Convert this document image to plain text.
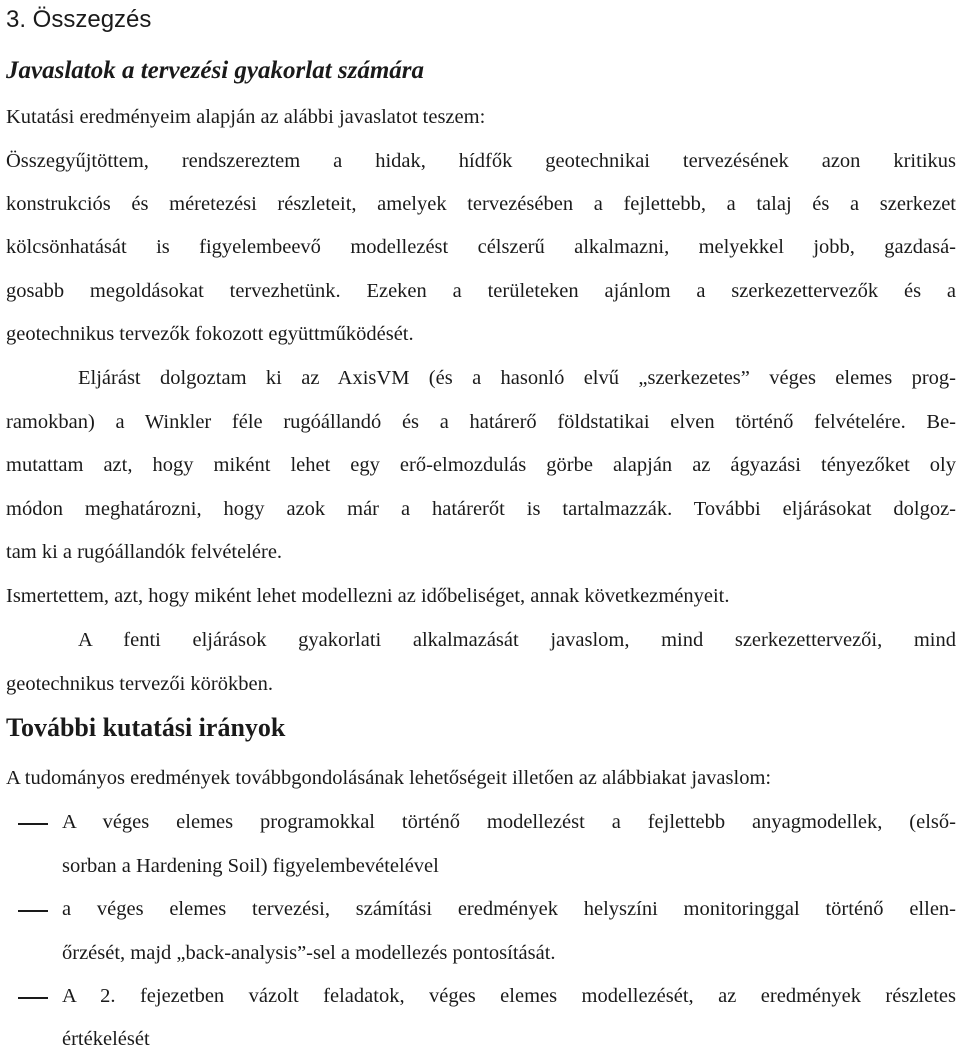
3. Összegzés
Javaslatok a tervezési gyakorlat számára
Kutatási eredményeim alapján az alábbi javaslatot teszem:
Összegyűjtöttem, rendszereztem a hidak, hídfők geotechnikai tervezésének azon kritikus
konstrukciós és méretezési részleteit, amelyek tervezésében a fejlettebb, a talaj és a szerkezet
kölcsönhatását is figyelembeevő modellezést célszerű alkalmazni, melyekkel jobb, gazdasá-
gosabb megoldásokat tervezhetünk. Ezeken a területeken ajánlom a szerkezettervezők és a
geotechnikus tervezők fokozott együttműködését.
Eljárást dolgoztam ki az AxisVM (és a hasonló elvű „szerkezetes” véges elemes prog-
ramokban) a Winkler féle rugóállandó és a határerő földstatikai elven történő felvételére. Be-
mutattam azt, hogy miként lehet egy erő-elmozdulás görbe alapján az ágyazási tényezőket oly
módon meghatározni, hogy azok már a határerőt is tartalmazzák. További eljárásokat dolgoz-
tam ki a rugóállandók felvételére.
Ismertettem, azt, hogy miként lehet modellezni az időbeliséget, annak következményeit.
A fenti eljárások gyakorlati alkalmazását javaslom, mind szerkezettervezői, mind
geotechnikus tervezői körökben.
További kutatási irányok
A tudományos eredmények továbbgondolásának lehetőségeit illetően az alábbiakat javaslom:
A véges elemes programokkal történő modellezést a fejlettebb anyagmodellek, (első-
sorban a Hardening Soil) figyelembevételével
a véges elemes tervezési, számítási eredmények helyszíni monitoringgal történő ellen-
őrzését, majd „back-analysis”-sel a modellezés pontosítását.
A 2. fejezetben vázolt feladatok, véges elemes modellezését, az eredmények részletes
értékelését
